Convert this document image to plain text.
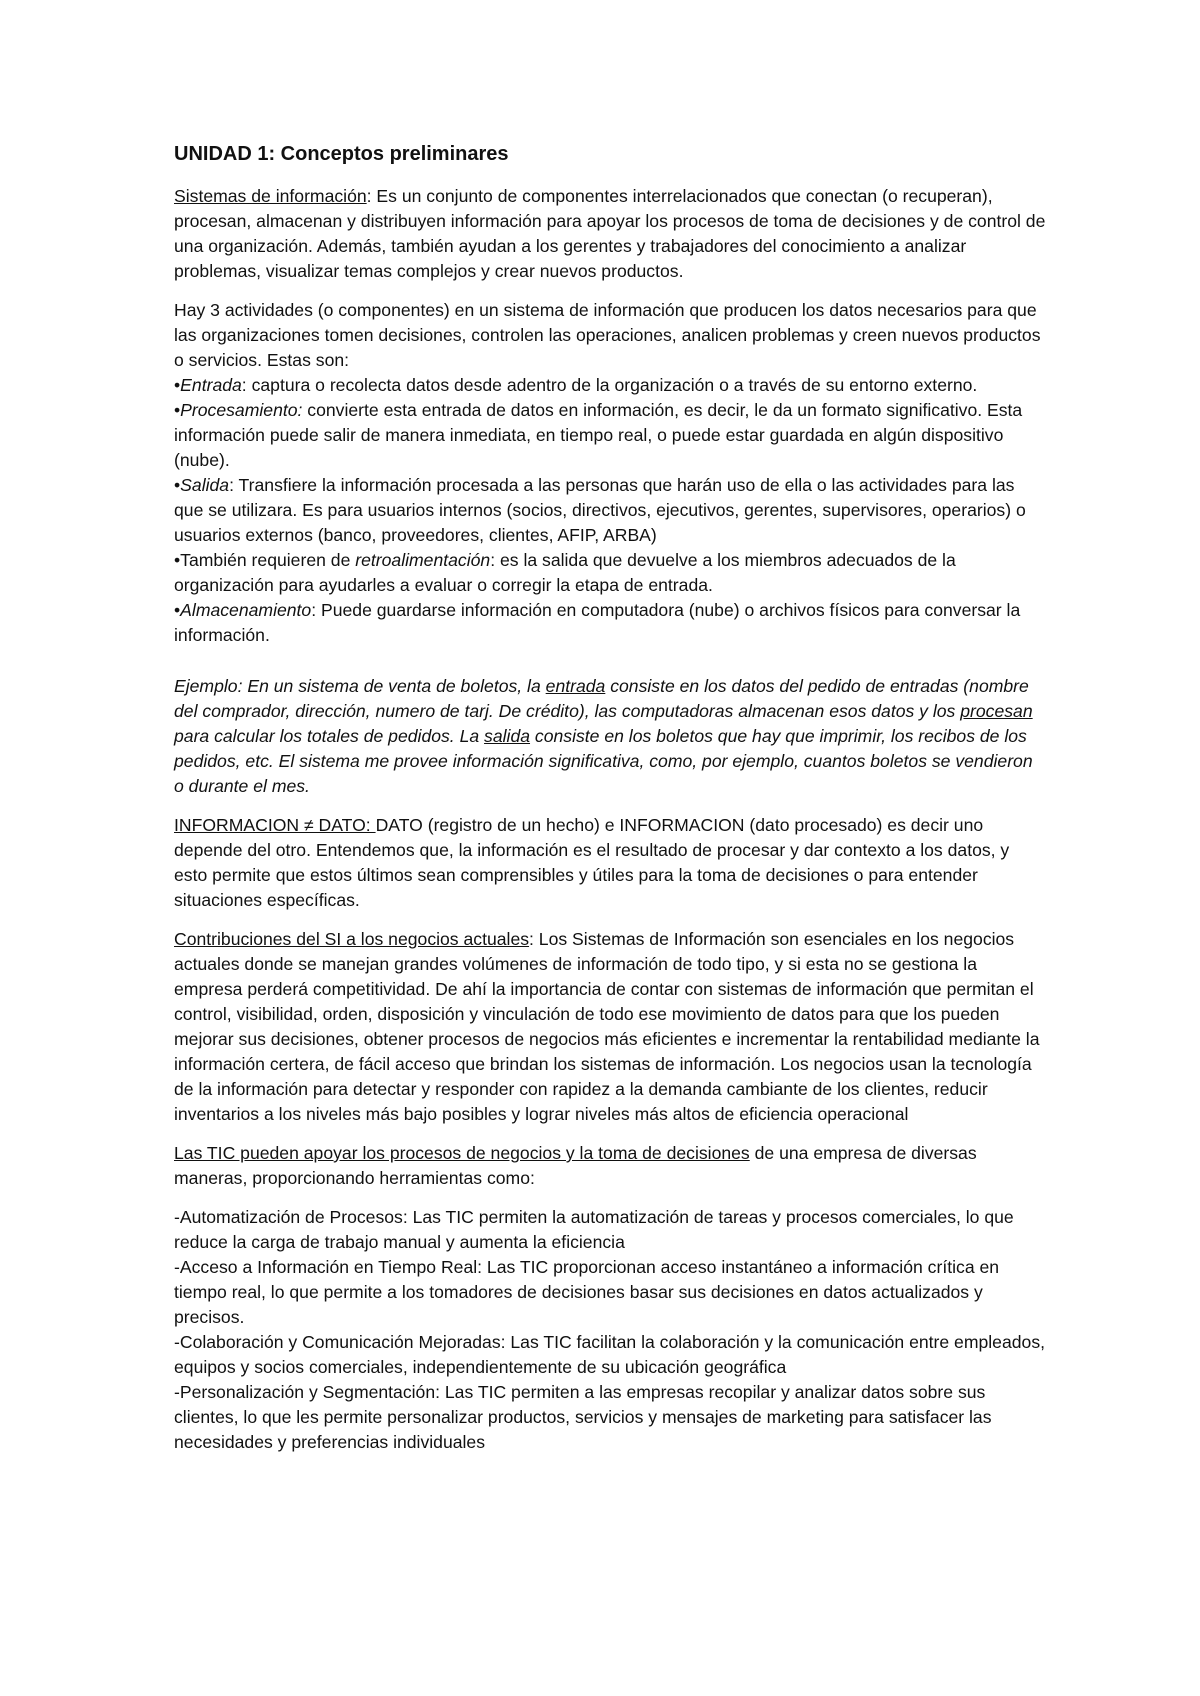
UNIDAD 1: Conceptos preliminares

Sistemas de información: Es un conjunto de componentes interrelacionados que conectan (o recuperan), procesan, almacenan y distribuyen información para apoyar los procesos de toma de decisiones y de control de una organización. Además, también ayudan a los gerentes y trabajadores del conocimiento a analizar problemas, visualizar temas complejos y crear nuevos productos.

Hay 3 actividades (o componentes) en un sistema de información que producen los datos necesarios para que las organizaciones tomen decisiones, controlen las operaciones, analicen problemas y creen nuevos productos o servicios. Estas son:

•Entrada: captura o recolecta datos desde adentro de la organización o a través de su entorno externo.

•Procesamiento: convierte esta entrada de datos en información, es decir, le da un formato significativo. Esta información puede salir de manera inmediata, en tiempo real, o puede estar guardada en algún dispositivo (nube).

•Salida: Transfiere la información procesada a las personas que harán uso de ella o las actividades para las que se utilizara. Es para usuarios internos (socios, directivos, ejecutivos, gerentes, supervisores, operarios) o usuarios externos (banco, proveedores, clientes, AFIP, ARBA)

•También requieren de retroalimentación: es la salida que devuelve a los miembros adecuados de la organización para ayudarles a evaluar o corregir la etapa de entrada.

•Almacenamiento: Puede guardarse información en computadora (nube) o archivos físicos para conversar la información.

Ejemplo: En un sistema de venta de boletos, la entrada consiste en los datos del pedido de entradas (nombre del comprador, dirección, numero de tarj. De crédito), las computadoras almacenan esos datos y los procesan para calcular los totales de pedidos. La salida consiste en los boletos que hay que imprimir, los recibos de los pedidos, etc. El sistema me provee información significativa, como, por ejemplo, cuantos boletos se vendieron o durante el mes.

INFORMACION ≠ DATO: DATO (registro de un hecho) e INFORMACION (dato procesado) es decir uno depende del otro. Entendemos que, la información es el resultado de procesar y dar contexto a los datos, y esto permite que estos últimos sean comprensibles y útiles para la toma de decisiones o para entender situaciones específicas.

Contribuciones del SI a los negocios actuales: Los Sistemas de Información son esenciales en los negocios actuales donde se manejan grandes volúmenes de información de todo tipo, y si esta no se gestiona la empresa perderá competitividad. De ahí la importancia de contar con sistemas de información que permitan el control, visibilidad, orden, disposición y vinculación de todo ese movimiento de datos para que los pueden mejorar sus decisiones, obtener procesos de negocios más eficientes e incrementar la rentabilidad mediante la información certera, de fácil acceso que brindan los sistemas de información. Los negocios usan la tecnología de la información para detectar y responder con rapidez a la demanda cambiante de los clientes, reducir inventarios a los niveles más bajo posibles y lograr niveles más altos de eficiencia operacional

Las TIC pueden apoyar los procesos de negocios y la toma de decisiones de una empresa de diversas maneras, proporcionando herramientas como:

-Automatización de Procesos: Las TIC permiten la automatización de tareas y procesos comerciales, lo que reduce la carga de trabajo manual y aumenta la eficiencia

-Acceso a Información en Tiempo Real: Las TIC proporcionan acceso instantáneo a información crítica en tiempo real, lo que permite a los tomadores de decisiones basar sus decisiones en datos actualizados y precisos.

-Colaboración y Comunicación Mejoradas: Las TIC facilitan la colaboración y la comunicación entre empleados, equipos y socios comerciales, independientemente de su ubicación geográfica

-Personalización y Segmentación: Las TIC permiten a las empresas recopilar y analizar datos sobre sus clientes, lo que les permite personalizar productos, servicios y mensajes de marketing para satisfacer las necesidades y preferencias individuales
